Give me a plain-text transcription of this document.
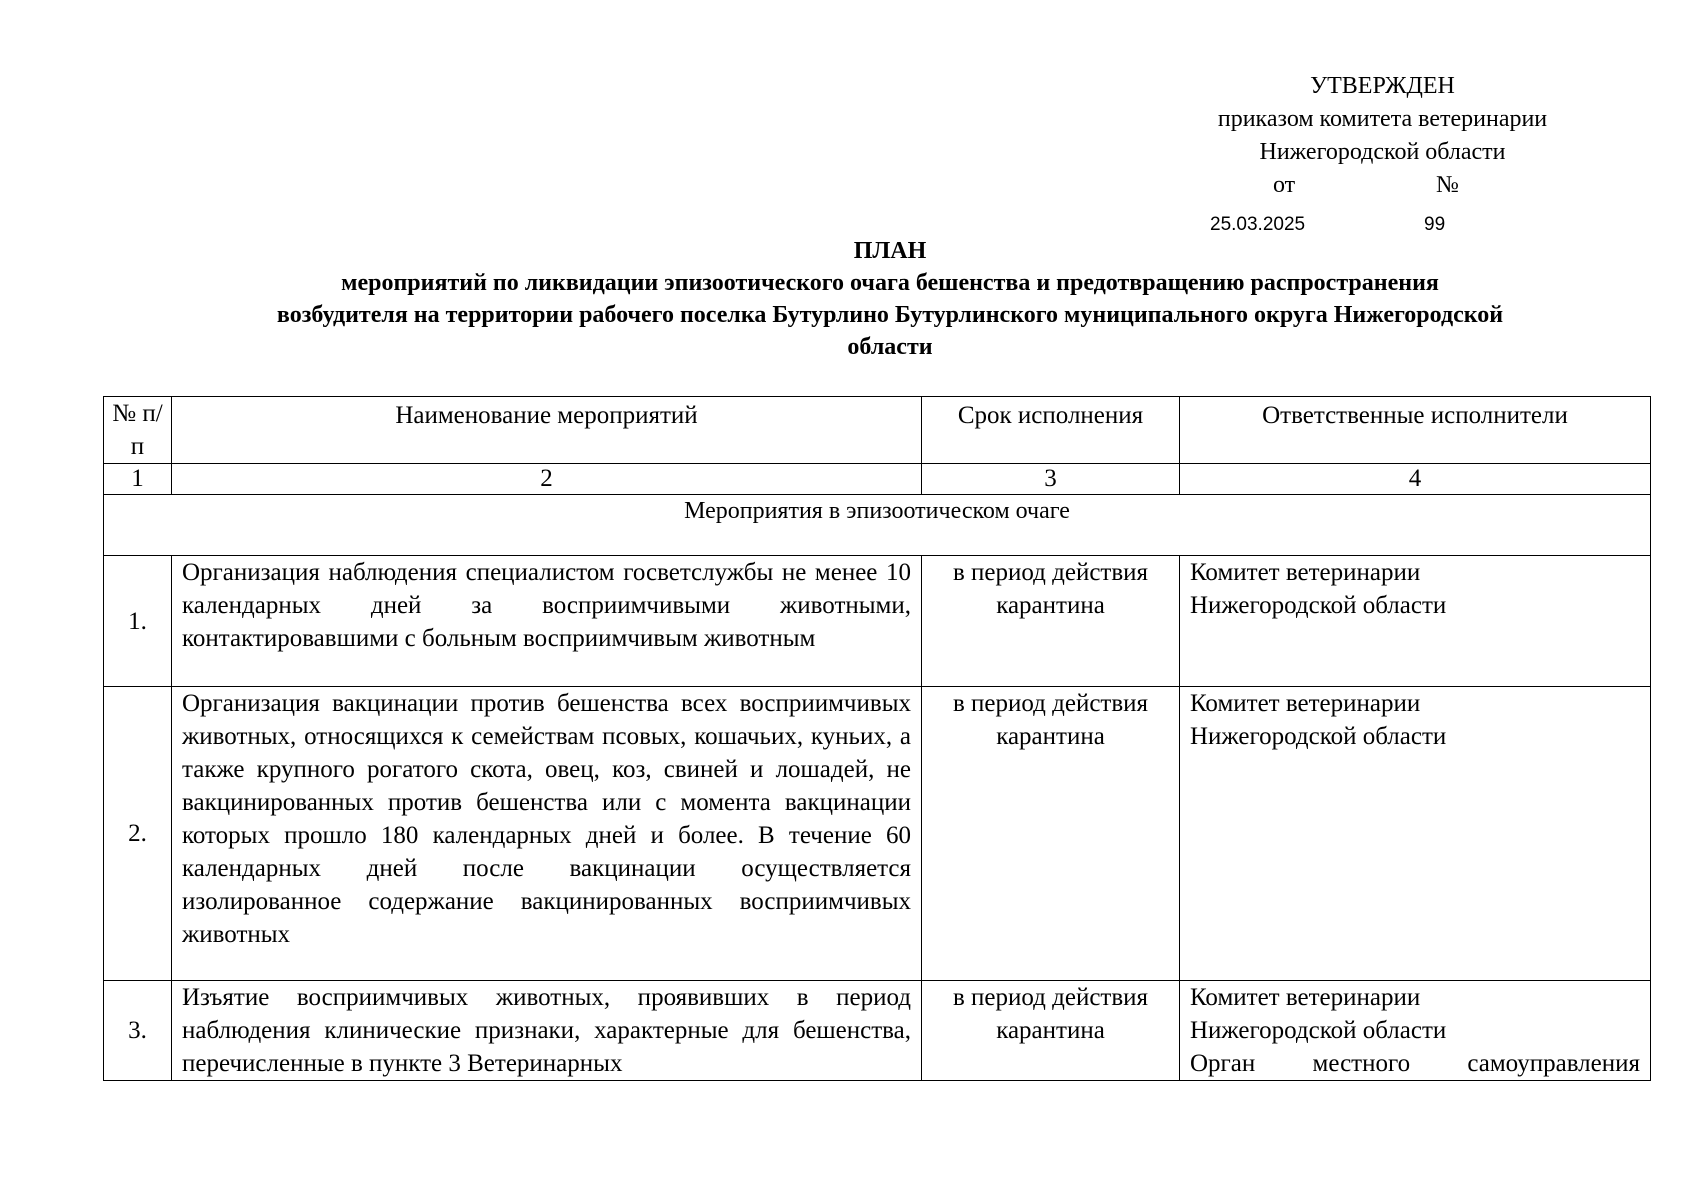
УТВЕРЖДЕН
приказом комитета ветеринарии
Нижегородской области
от	№
25.03.2025	99
ПЛАН
мероприятий по ликвидации эпизоотического очага бешенства и предотвращению распространения
возбудителя на территории рабочего поселка Бутурлино Бутурлинского муниципального округа Нижегородской
области
№ п/п	Наименование мероприятий	Срок исполнения	Ответственные исполнители
1	2	3	4
Мероприятия в эпизоотическом очаге			
1.	Организация наблюдения специалистом госветслужбы не менее 10 календарных дней за восприимчивыми животными, контактировавшими с больным восприимчивым животным	в период действия карантина	Комитет ветеринарии
Нижегородской области

2.	Организация вакцинации против бешенства всех восприимчивых животных, относящихся к семействам псовых, кошачьих, куньих, а также крупного рогатого скота, овец, коз, свиней и лошадей, не вакцинированных против бешенства или с момента вакцинации которых прошло 180 календарных дней и более. В течение 60 календарных дней после вакцинации осуществляется изолированное содержание вакцинированных восприимчивых животных	в период действия карантина	Комитет ветеринарии
Нижегородской области

3.	Изъятие восприимчивых животных, проявивших в период наблюдения клинические признаки, характерные для бешенства, перечисленные в пункте 3 Ветеринарных	в период действия карантина	Комитет ветеринарии
Нижегородской области
Орган местного самоуправления
